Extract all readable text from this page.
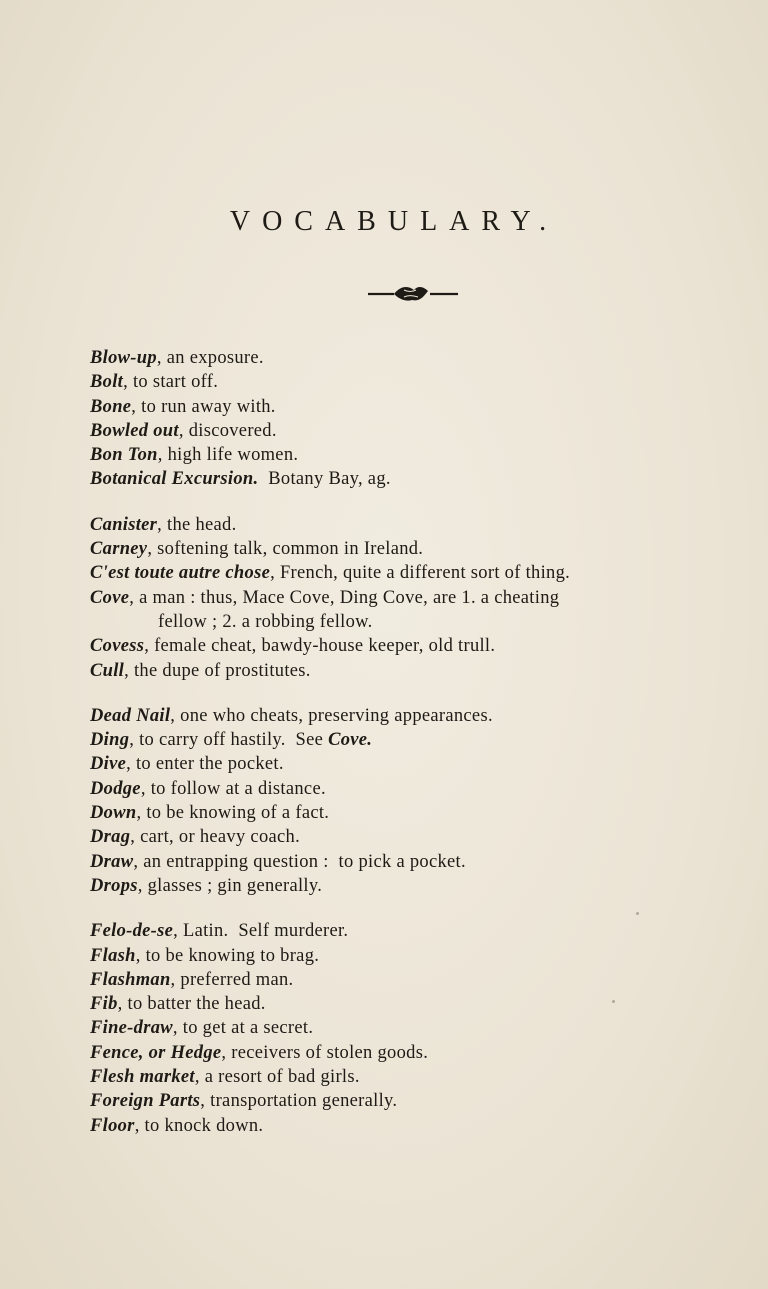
VOCABULARY.
Blow-up, an exposure.
Bolt, to start off.
Bone, to run away with.
Bowled out, discovered.
Bon Ton, high life women.
Botanical Excursion.  Botany Bay, ag.
Canister, the head.
Carney, softening talk, common in Ireland.
C'est toute autre chose, French, quite a different sort of thing.
Cove, a man : thus, Mace Cove, Ding Cove, are 1. a cheating
fellow ; 2. a robbing fellow.
Covess, female cheat, bawdy-house keeper, old trull.
Cull, the dupe of prostitutes.
Dead Nail, one who cheats, preserving appearances.
Ding, to carry off hastily.  See Cove.
Dive, to enter the pocket.
Dodge, to follow at a distance.
Down, to be knowing of a fact.
Drag, cart, or heavy coach.
Draw, an entrapping question :  to pick a pocket.
Drops, glasses ; gin generally.
Felo-de-se, Latin.  Self murderer.
Flash, to be knowing to brag.
Flashman, preferred man.
Fib, to batter the head.
Fine-draw, to get at a secret.
Fence, or Hedge, receivers of stolen goods.
Flesh market, a resort of bad girls.
Foreign Parts, transportation generally.
Floor, to knock down.
